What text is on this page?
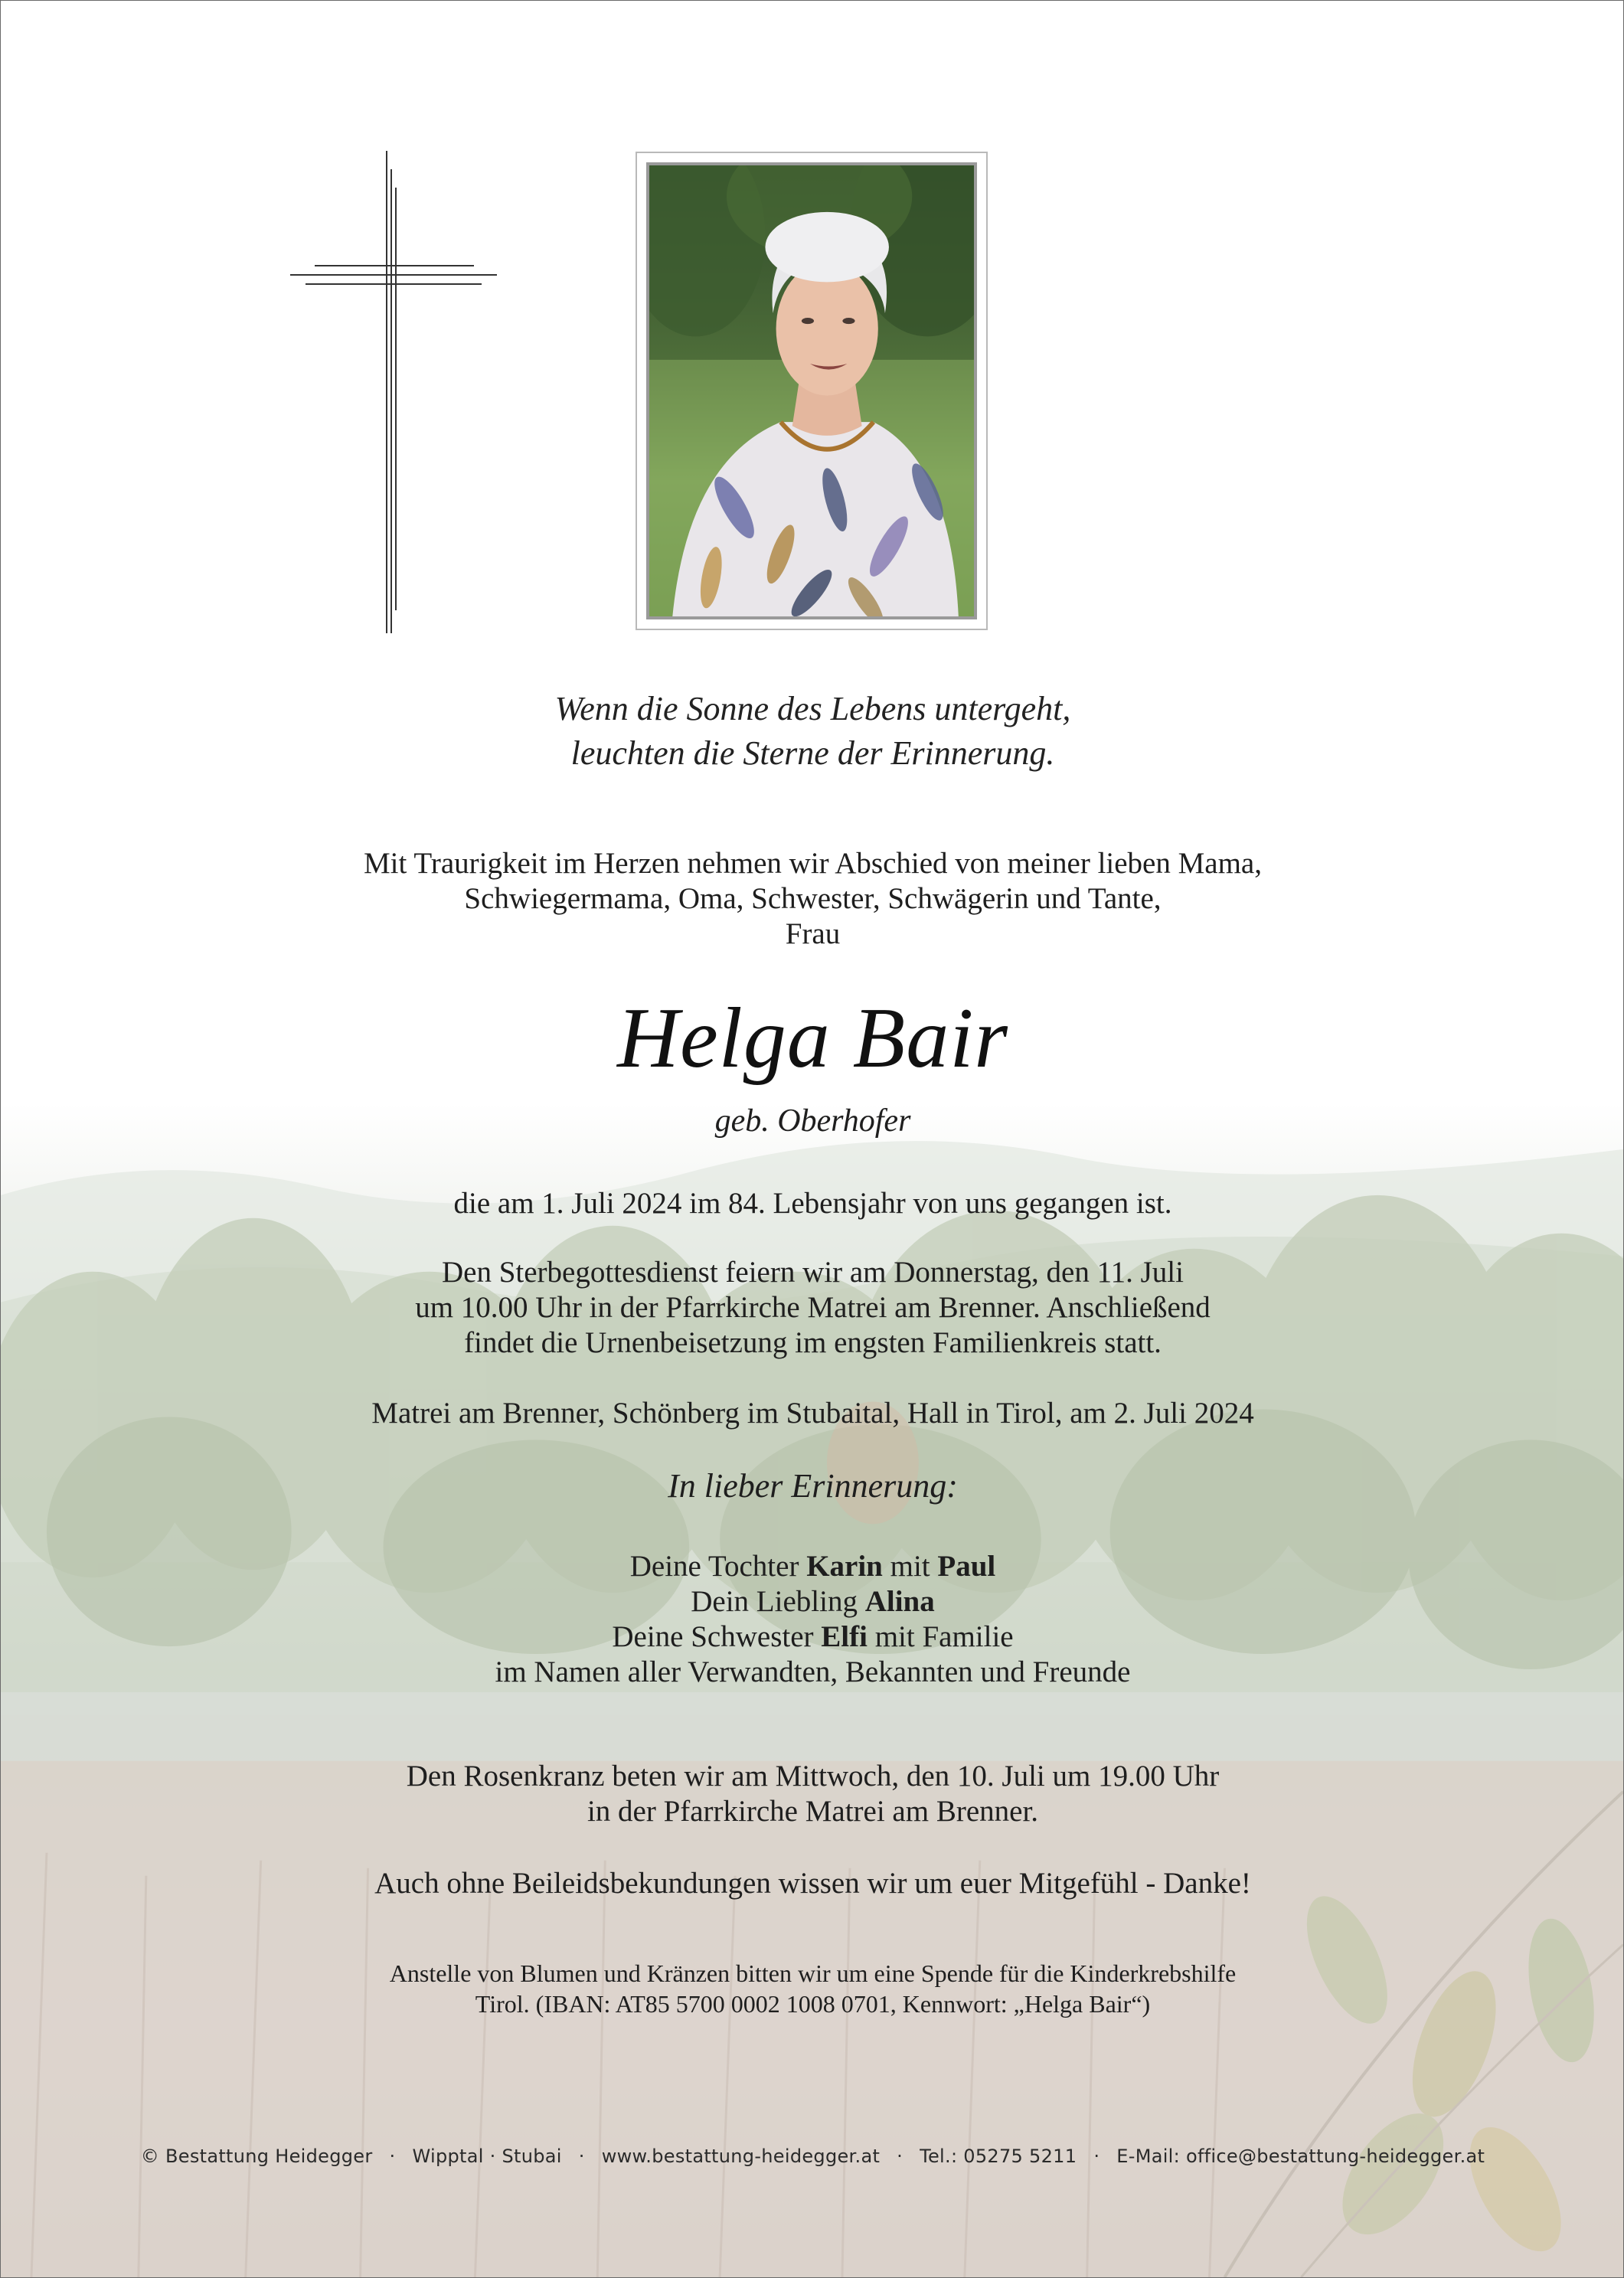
Wenn die Sonne des Lebens untergeht,
leuchten die Sterne der Erinnerung.
Mit Traurigkeit im Herzen nehmen wir Abschied von meiner lieben Mama,
Schwiegermama, Oma, Schwester, Schwägerin und Tante,
Frau
Helga Bair
geb. Oberhofer
die am 1. Juli 2024 im 84. Lebensjahr von uns gegangen ist.
Den Sterbegottesdienst feiern wir am Donnerstag, den 11. Juli
um 10.00 Uhr in der Pfarrkirche Matrei am Brenner. Anschließend
findet die Urnenbeisetzung im engsten Familienkreis statt.
Matrei am Brenner, Schönberg im Stubaital, Hall in Tirol, am 2. Juli 2024
In lieber Erinnerung:
Deine Tochter Karin mit Paul
Dein Liebling Alina
Deine Schwester Elfi mit Familie
im Namen aller Verwandten, Bekannten und Freunde
Den Rosenkranz beten wir am Mittwoch, den 10. Juli um 19.00 Uhr
in der Pfarrkirche Matrei am Brenner.
Auch ohne Beileidsbekundungen wissen wir um euer Mitgefühl - Danke!
Anstelle von Blumen und Kränzen bitten wir um eine Spende für die Kinderkrebshilfe
Tirol. (IBAN: AT85 5700 0002 1008 0701, Kennwort: „Helga Bair“)
© Bestattung Heidegger · Wipptal · Stubai · www.bestattung-heidegger.at · Tel.: 05275 5211 · E-Mail: office@bestattung-heidegger.at
